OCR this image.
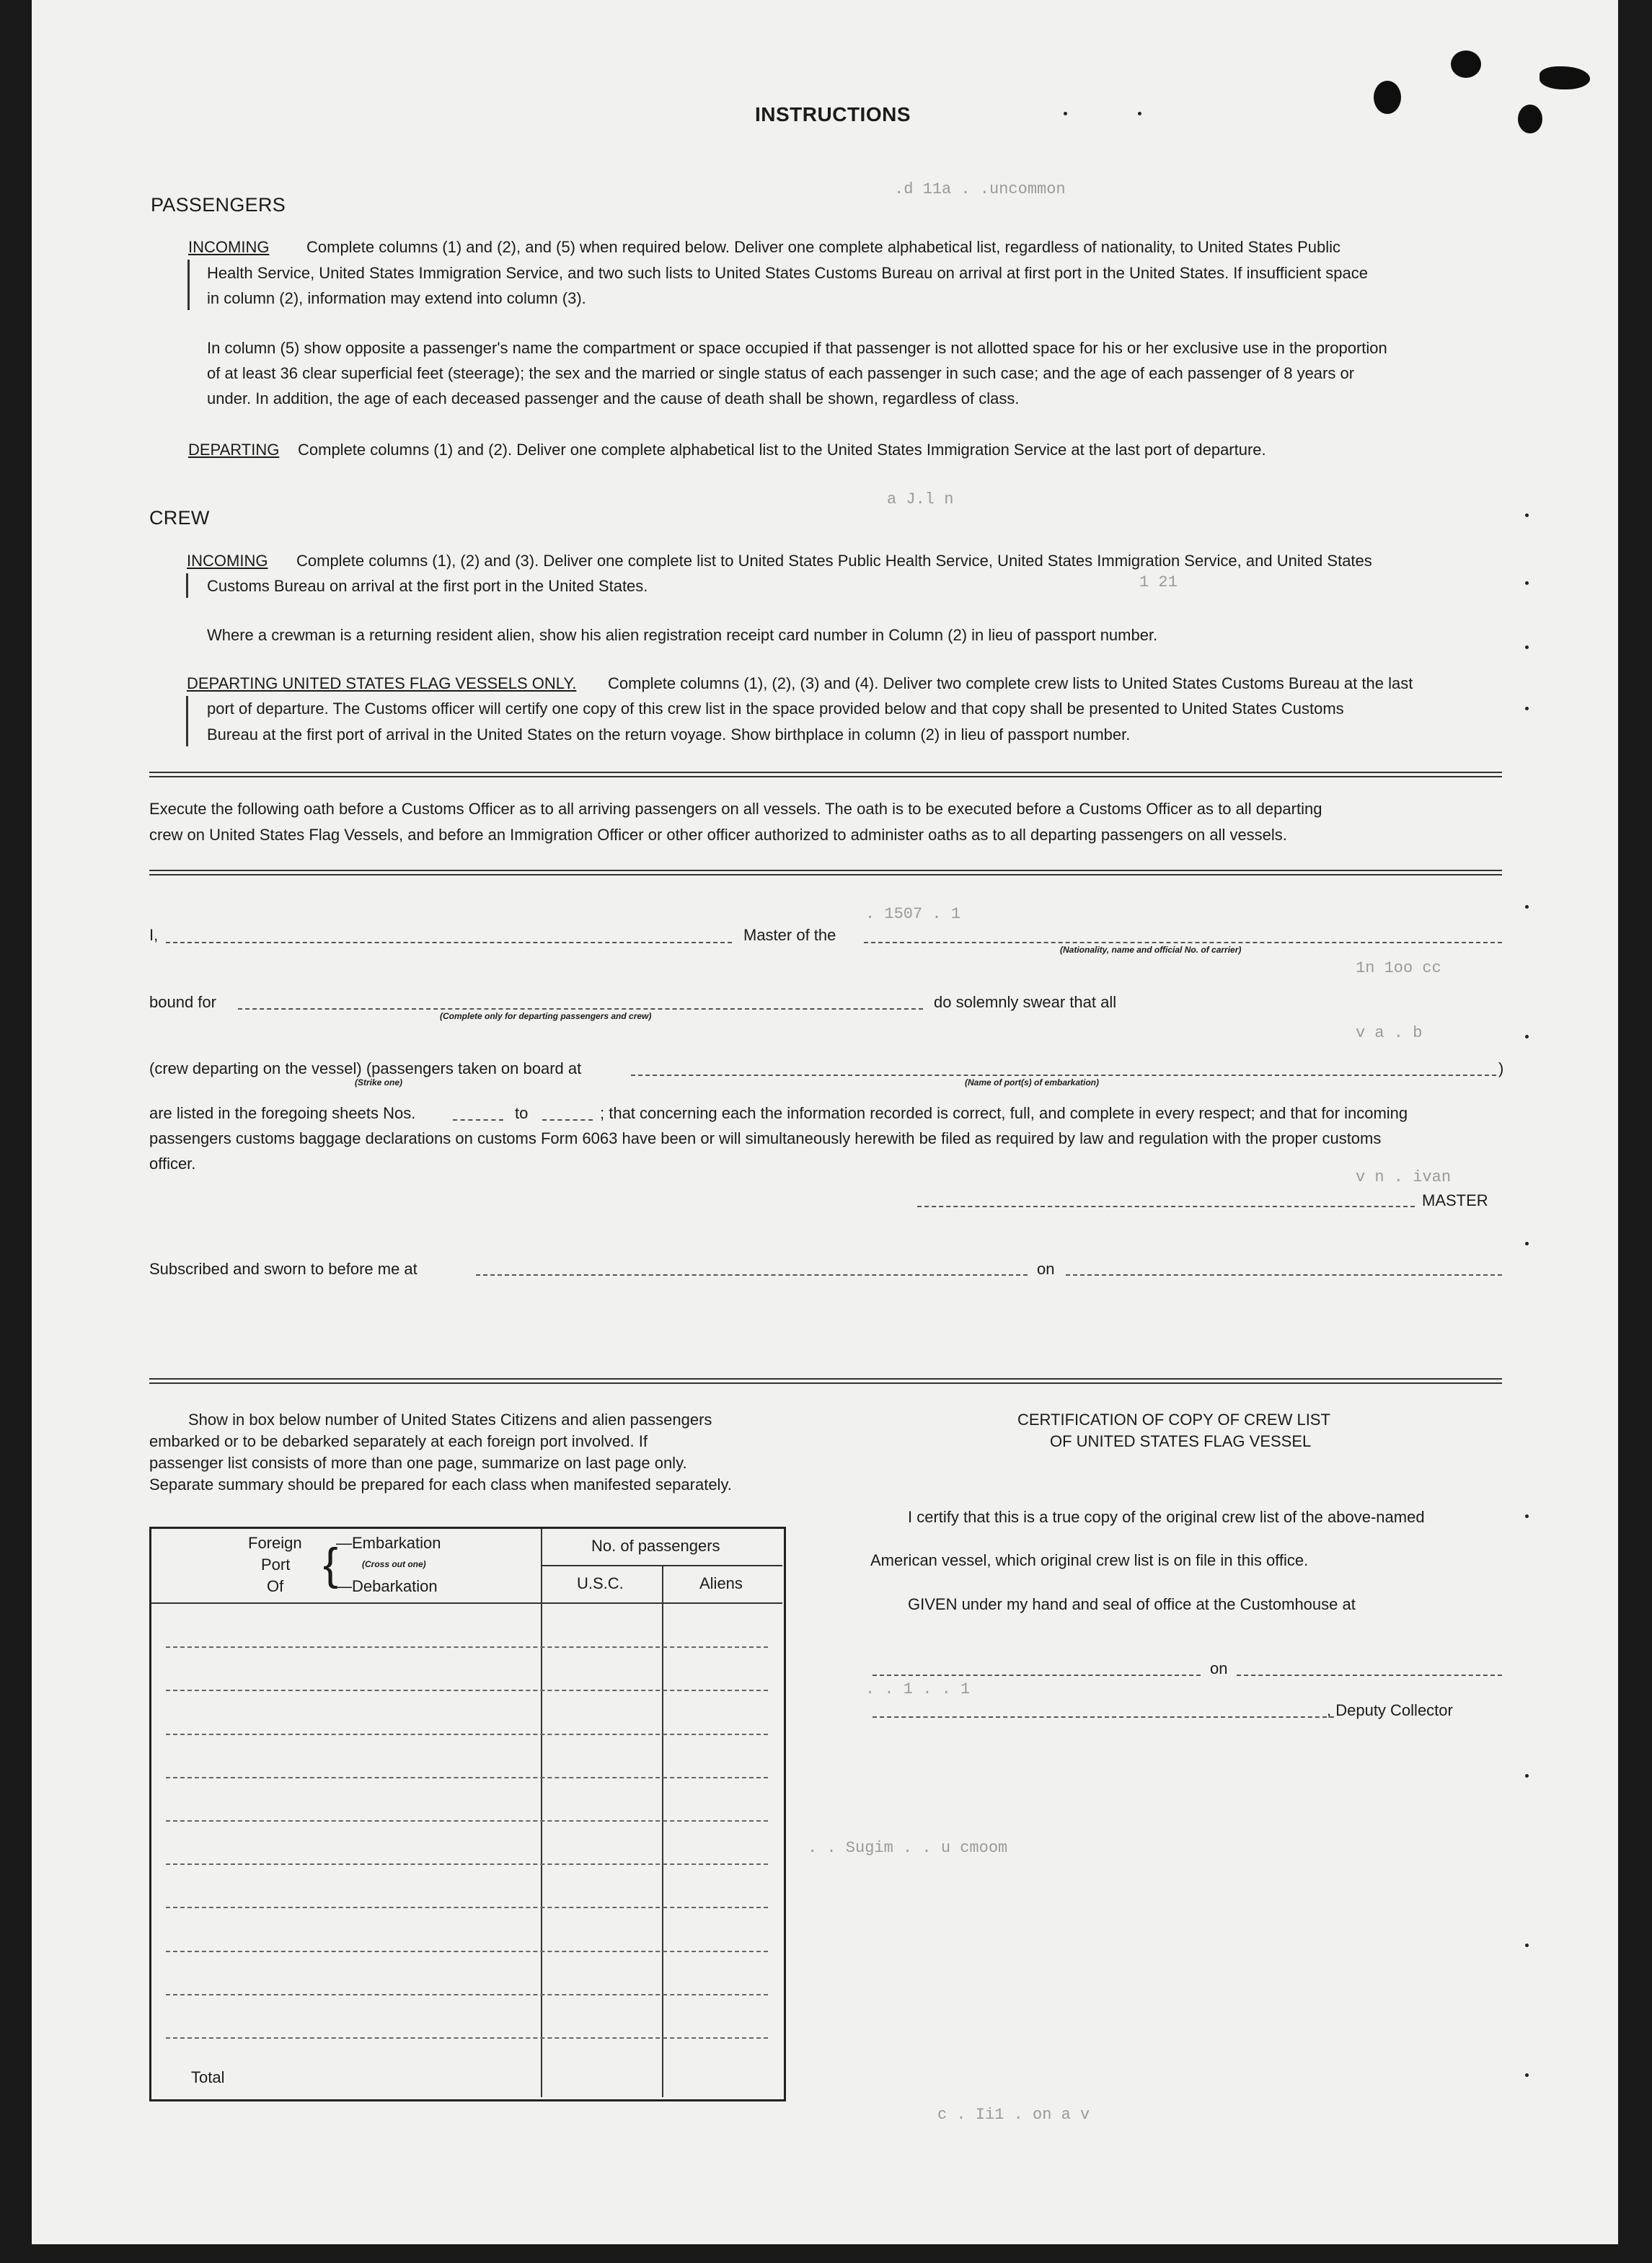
.d 11a . .uncommon
a J.l n
1 21
. 1507 . 1
1n 1oo cc
v a . b
v n . ivan
. . 1 . . 1
. . Sugim . . u cmoom
c . Ii1 . on a v
INSTRUCTIONS
PASSENGERS
INCOMING Complete columns (1) and (2), and (5) when required below. Deliver one complete alphabetical list, regardless of nationality, to United States Public
Health Service, United States Immigration Service, and two such lists to United States Customs Bureau on arrival at first port in the United States. If insufficient space
in column (2), information may extend into column (3).
In column (5) show opposite a passenger's name the compartment or space occupied if that passenger is not allotted space for his or her exclusive use in the proportion
of at least 36 clear superficial feet (steerage); the sex and the married or single status of each passenger in such case; and the age of each passenger of 8 years or
under. In addition, the age of each deceased passenger and the cause of death shall be shown, regardless of class.
DEPARTING Complete columns (1) and (2). Deliver one complete alphabetical list to the United States Immigration Service at the last port of departure.
CREW
INCOMING Complete columns (1), (2) and (3). Deliver one complete list to United States Public Health Service, United States Immigration Service, and United States
Customs Bureau on arrival at the first port in the United States.
Where a crewman is a returning resident alien, show his alien registration receipt card number in Column (2) in lieu of passport number.
DEPARTING UNITED STATES FLAG VESSELS ONLY. Complete columns (1), (2), (3) and (4). Deliver two complete crew lists to United States Customs Bureau at the last
port of departure. The Customs officer will certify one copy of this crew list in the space provided below and that copy shall be presented to United States Customs
Bureau at the first port of arrival in the United States on the return voyage. Show birthplace in column (2) in lieu of passport number.
Execute the following oath before a Customs Officer as to all arriving passengers on all vessels. The oath is to be executed before a Customs Officer as to all departing
crew on United States Flag Vessels, and before an Immigration Officer or other officer authorized to administer oaths as to all departing passengers on all vessels.
I,	Master of the
(Nationality, name and official No. of carrier)
bound for
(Complete only for departing passengers and crew)
do solemnly swear that all
(crew departing on the vessel) (passengers taken on board at	)
(Strike one)	(Name of port(s) of embarkation)
are listed in the foregoing sheets Nos.	to	; that concerning each the information recorded is correct, full, and complete in every respect; and that for incoming
passengers customs baggage declarations on customs Form 6063 have been or will simultaneously herewith be filed as required by law and regulation with the proper customs
officer.
MASTER
Subscribed and sworn to before me at	on
Show in box below number of United States Citizens and alien passengers
embarked or to be debarked separately at each foreign port involved. If
passenger list consists of more than one page, summarize on last page only.
Separate summary should be prepared for each class when manifested separately.
Foreign
Port
Of {
—Embarkation
(Cross out one)
—Debarkation
No. of passengers
U.S.C.	Aliens
Total
CERTIFICATION OF COPY OF CREW LIST
OF UNITED STATES FLAG VESSEL
I certify that this is a true copy of the original crew list of the above-named
American vessel, which original crew list is on file in this office.
GIVEN under my hand and seal of office at the Customhouse at
on
, Deputy Collector
